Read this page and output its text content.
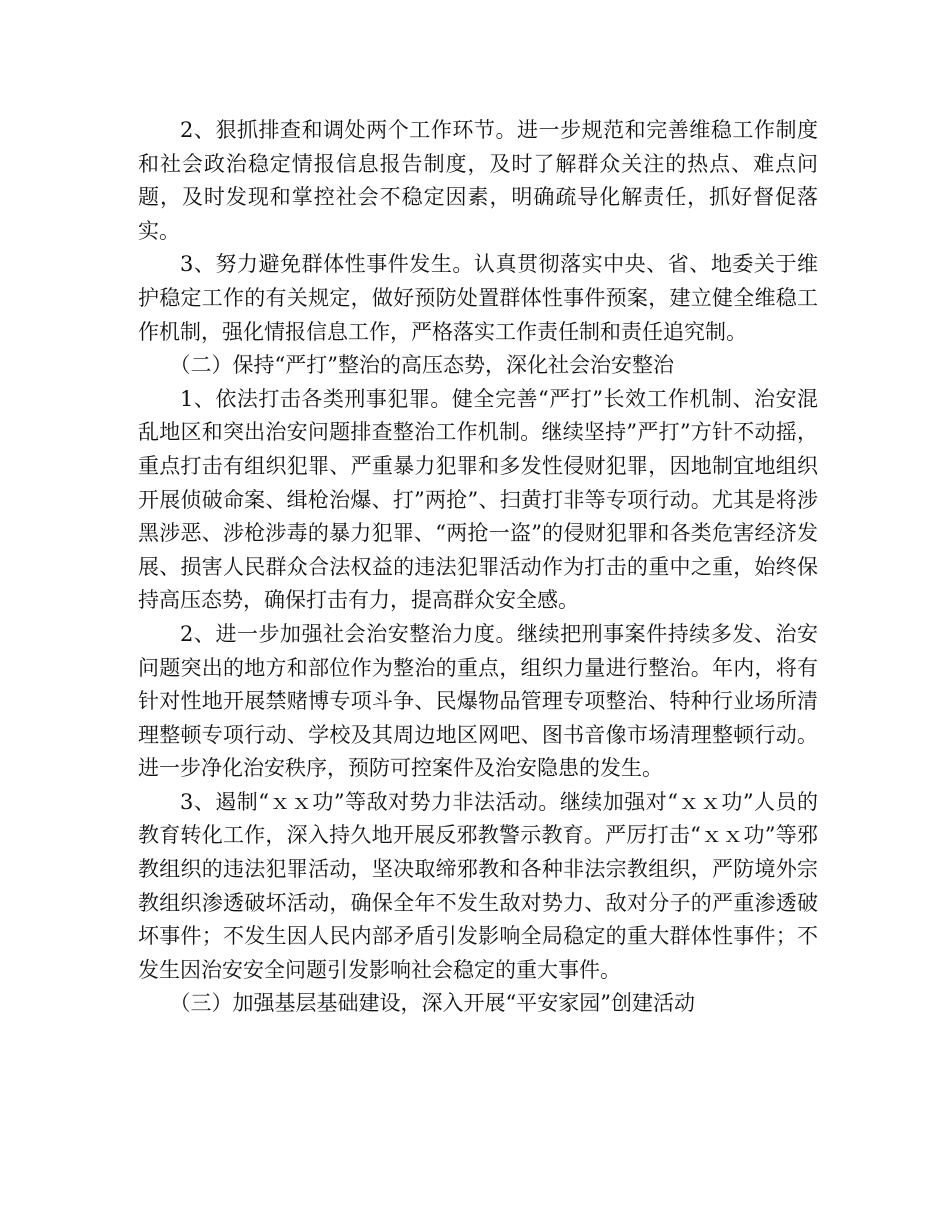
2、狠抓排查和调处两个工作环节。进一步规范和完善维稳工作制度和社会政治稳定情报信息报告制度，及时了解群众关注的热点、难点问题，及时发现和掌控社会不稳定因素，明确疏导化解责任，抓好督促落实。

3、努力避免群体性事件发生。认真贯彻落实中央、省、地委关于维护稳定工作的有关规定，做好预防处置群体性事件预案，建立健全维稳工作机制，强化情报信息工作，严格落实工作责任制和责任追究制。

（二）保持“严打”整治的高压态势，深化社会治安整治

1、依法打击各类刑事犯罪。健全完善“严打”长效工作机制、治安混乱地区和突出治安问题排查整治工作机制。继续坚持”严打”方针不动摇，重点打击有组织犯罪、严重暴力犯罪和多发性侵财犯罪，因地制宜地组织开展侦破命案、缉枪治爆、打”两抢”、扫黄打非等专项行动。尤其是将涉黑涉恶、涉枪涉毒的暴力犯罪、“两抢一盗”的侵财犯罪和各类危害经济发展、损害人民群众合法权益的违法犯罪活动作为打击的重中之重，始终保持高压态势，确保打击有力，提高群众安全感。

2、进一步加强社会治安整治力度。继续把刑事案件持续多发、治安问题突出的地方和部位作为整治的重点，组织力量进行整治。年内，将有针对性地开展禁赌博专项斗争、民爆物品管理专项整治、特种行业场所清理整顿专项行动、学校及其周边地区网吧、图书音像市场清理整顿行动。进一步净化治安秩序，预防可控案件及治安隐患的发生。

3、遏制“ｘｘ功”等敌对势力非法活动。继续加强对“ｘｘ功”人员的教育转化工作，深入持久地开展反邪教警示教育。严厉打击“ｘｘ功”等邪教组织的违法犯罪活动，坚决取缔邪教和各种非法宗教组织，严防境外宗教组织渗透破坏活动，确保全年不发生敌对势力、敌对分子的严重渗透破坏事件；不发生因人民内部矛盾引发影响全局稳定的重大群体性事件；不发生因治安安全问题引发影响社会稳定的重大事件。

（三）加强基层基础建设，深入开展“平安家园”创建活动
